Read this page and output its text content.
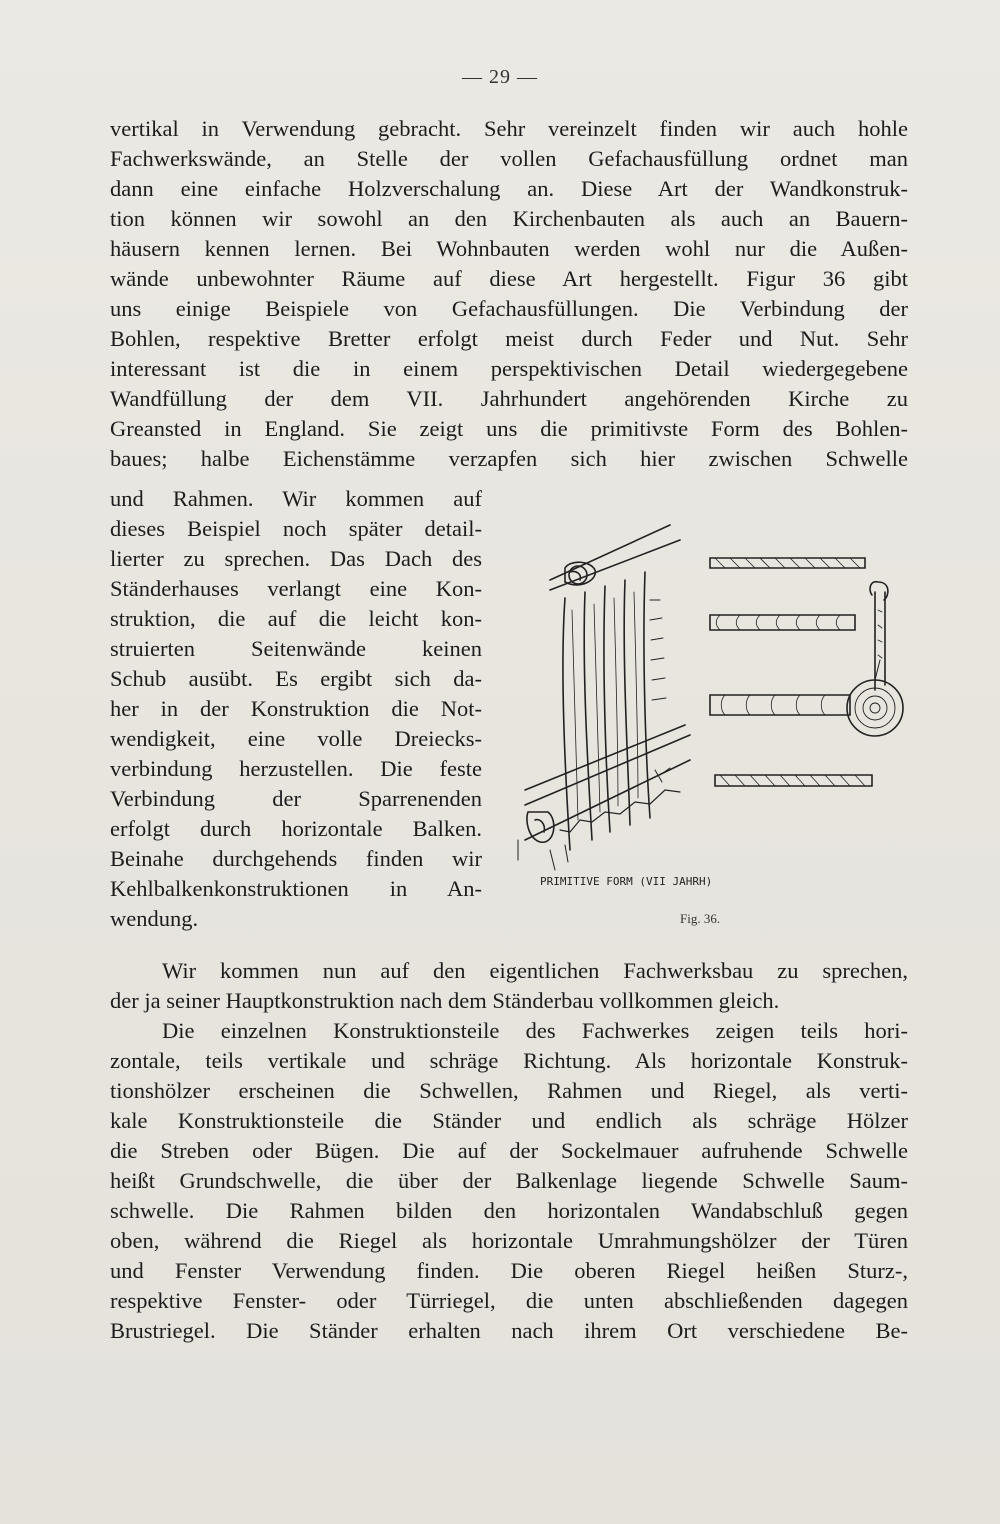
— 29 —
vertikal in Verwendung gebracht. Sehr vereinzelt finden wir auch hohle
Fachwerkswände, an Stelle der vollen Gefachausfüllung ordnet man
dann eine einfache Holzverschalung an. Diese Art der Wandkonstruk-
tion können wir sowohl an den Kirchenbauten als auch an Bauern-
häusern kennen lernen. Bei Wohnbauten werden wohl nur die Außen-
wände unbewohnter Räume auf diese Art hergestellt. Figur 36 gibt
uns einige Beispiele von Gefachausfüllungen. Die Verbindung der
Bohlen, respektive Bretter erfolgt meist durch Feder und Nut. Sehr
interessant ist die in einem perspektivischen Detail wiedergegebene
Wandfüllung der dem VII. Jahrhundert angehörenden Kirche zu
Greansted in England. Sie zeigt uns die primitivste Form des Bohlen-
baues; halbe Eichenstämme verzapfen sich hier zwischen Schwelle
und Rahmen. Wir kommen auf
dieses Beispiel noch später detail-
lierter zu sprechen. Das Dach des
Ständerhauses verlangt eine Kon-
struktion, die auf die leicht kon-
struierten Seitenwände keinen
Schub ausübt. Es ergibt sich da-
her in der Konstruktion die Not-
wendigkeit, eine volle Dreiecks-
verbindung herzustellen. Die feste
Verbindung der Sparrenenden
erfolgt durch horizontale Balken.
Beinahe durchgehends finden wir
Kehlbalkenkonstruktionen in An-
wendung.
Wir kommen nun auf den eigentlichen Fachwerksbau zu sprechen,
der ja seiner Hauptkonstruktion nach dem Ständerbau vollkommen gleich.
Die einzelnen Konstruktionsteile des Fachwerkes zeigen teils hori-
zontale, teils vertikale und schräge Richtung. Als horizontale Konstruk-
tionshölzer erscheinen die Schwellen, Rahmen und Riegel, als verti-
kale Konstruktionsteile die Ständer und endlich als schräge Hölzer
die Streben oder Bügen. Die auf der Sockelmauer aufruhende Schwelle
heißt Grundschwelle, die über der Balkenlage liegende Schwelle Saum-
schwelle. Die Rahmen bilden den horizontalen Wandabschluß gegen
oben, während die Riegel als horizontale Umrahmungshölzer der Türen
und Fenster Verwendung finden. Die oberen Riegel heißen Sturz-,
respektive Fenster- oder Türriegel, die unten abschließenden dagegen
Brustriegel. Die Ständer erhalten nach ihrem Ort verschiedene Be-
PRIMITIVE FORM (VII JAHRH)
Fig. 36.
